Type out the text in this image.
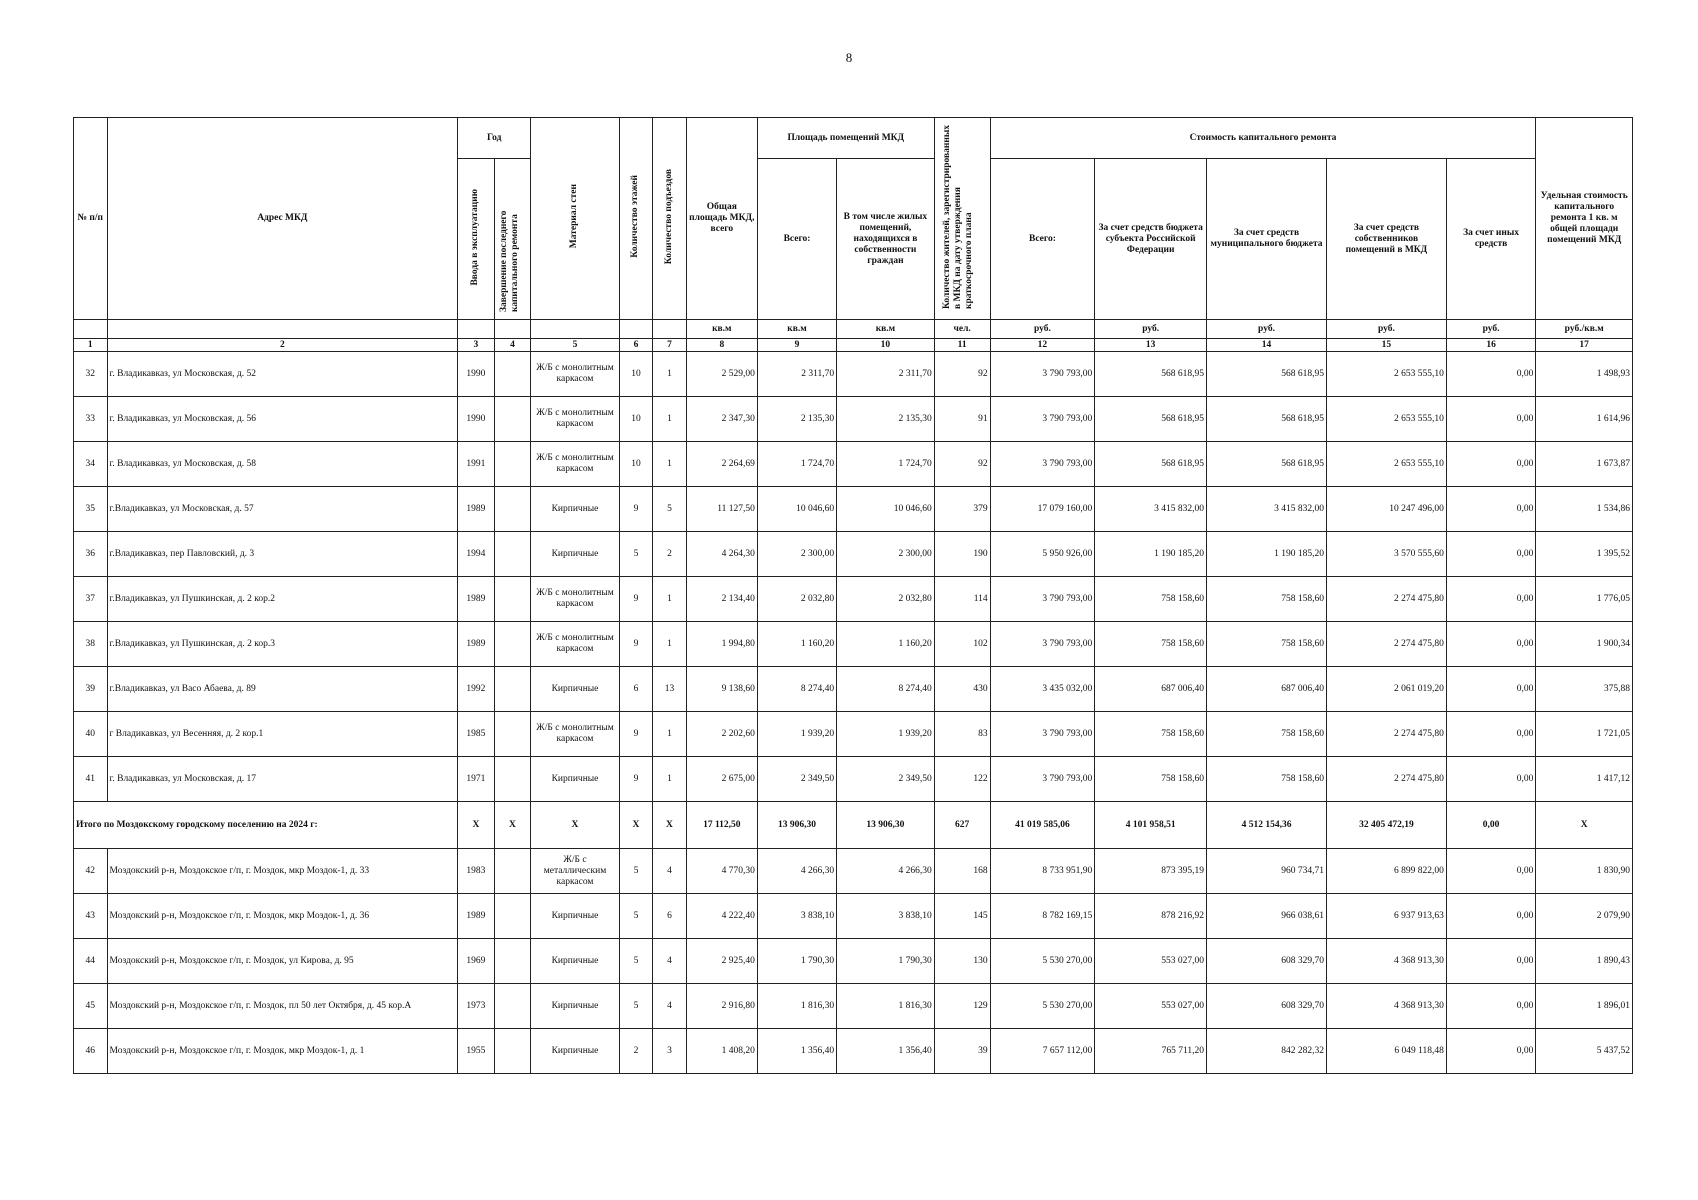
8
№ п/п	Адрес МКД	Год		Материал стен	Количество этажей	Количество подъездов	Общая площадь МКД, всего	Площадь помещений МКД		Количество жителей, зарегистрированных в МКД на дату утверждения краткосрочного плана	Стоимость капитального ремонта					Удельная стоимость капитального ремонта 1 кв. м общей площади помещений МКД
		Ввода в эксплуатацию	Завершение последнего капитального ремонта					Всего:	В том числе жилых помещений, находящихся в собственности граждан		Всего:	За счет средств бюджета субъекта Российской Федерации	За счет средств муниципального бюджета	За счет средств собственников помещений в МКД	За счет иных средств	
							кв.м	кв.м	кв.м	чел.	руб.	руб.	руб.	руб.	руб.	руб./кв.м
1	2	3	4	5	6	7	8	9	10	11	12	13	14	15	16	17
32	г. Владикавказ, ул Московская, д. 52	1990		Ж/Б с монолитным каркасом	10	1	2 529,00	2 311,70	2 311,70	92	3 790 793,00	568 618,95	568 618,95	2 653 555,10	0,00	1 498,93
33	г. Владикавказ, ул Московская, д. 56	1990		Ж/Б с монолитным каркасом	10	1	2 347,30	2 135,30	2 135,30	91	3 790 793,00	568 618,95	568 618,95	2 653 555,10	0,00	1 614,96
34	г. Владикавказ, ул Московская, д. 58	1991		Ж/Б с монолитным каркасом	10	1	2 264,69	1 724,70	1 724,70	92	3 790 793,00	568 618,95	568 618,95	2 653 555,10	0,00	1 673,87
35	г.Владикавказ, ул Московская, д. 57	1989		Кирпичные	9	5	11 127,50	10 046,60	10 046,60	379	17 079 160,00	3 415 832,00	3 415 832,00	10 247 496,00	0,00	1 534,86
36	г.Владикавказ, пер Павловский, д. 3	1994		Кирпичные	5	2	4 264,30	2 300,00	2 300,00	190	5 950 926,00	1 190 185,20	1 190 185,20	3 570 555,60	0,00	1 395,52
37	г.Владикавказ, ул Пушкинская, д. 2 кор.2	1989		Ж/Б с монолитным каркасом	9	1	2 134,40	2 032,80	2 032,80	114	3 790 793,00	758 158,60	758 158,60	2 274 475,80	0,00	1 776,05
38	г.Владикавказ, ул Пушкинская, д. 2 кор.3	1989		Ж/Б с монолитным каркасом	9	1	1 994,80	1 160,20	1 160,20	102	3 790 793,00	758 158,60	758 158,60	2 274 475,80	0,00	1 900,34
39	г.Владикавказ, ул Васо Абаева, д. 89	1992		Кирпичные	6	13	9 138,60	8 274,40	8 274,40	430	3 435 032,00	687 006,40	687 006,40	2 061 019,20	0,00	375,88
40	г Владикавказ, ул Весенняя, д. 2 кор.1	1985		Ж/Б с монолитным каркасом	9	1	2 202,60	1 939,20	1 939,20	83	3 790 793,00	758 158,60	758 158,60	2 274 475,80	0,00	1 721,05
41	г. Владикавказ, ул Московская, д. 17	1971		Кирпичные	9	1	2 675,00	2 349,50	2 349,50	122	3 790 793,00	758 158,60	758 158,60	2 274 475,80	0,00	1 417,12
Итого по Моздокскому городскому поселению на 2024 г:		X	X	X	X	X	17 112,50	13 906,30	13 906,30	627	41 019 585,06	4 101 958,51	4 512 154,36	32 405 472,19	0,00	X
42	Моздокский р-н, Моздокское г/п, г. Моздок, мкр Моздок-1, д. 33	1983		Ж/Б с металлическим каркасом	5	4	4 770,30	4 266,30	4 266,30	168	8 733 951,90	873 395,19	960 734,71	6 899 822,00	0,00	1 830,90
43	Моздокский р-н, Моздокское г/п, г. Моздок, мкр Моздок-1, д. 36	1989		Кирпичные	5	6	4 222,40	3 838,10	3 838,10	145	8 782 169,15	878 216,92	966 038,61	6 937 913,63	0,00	2 079,90
44	Моздокский р-н, Моздокское г/п, г. Моздок, ул Кирова, д. 95	1969		Кирпичные	5	4	2 925,40	1 790,30	1 790,30	130	5 530 270,00	553 027,00	608 329,70	4 368 913,30	0,00	1 890,43
45	Моздокский р-н, Моздокское г/п, г. Моздок, пл 50 лет Октября, д. 45 кор.А	1973		Кирпичные	5	4	2 916,80	1 816,30	1 816,30	129	5 530 270,00	553 027,00	608 329,70	4 368 913,30	0,00	1 896,01
46	Моздокский р-н, Моздокское г/п, г. Моздок, мкр Моздок-1, д. 1	1955		Кирпичные	2	3	1 408,20	1 356,40	1 356,40	39	7 657 112,00	765 711,20	842 282,32	6 049 118,48	0,00	5 437,52
